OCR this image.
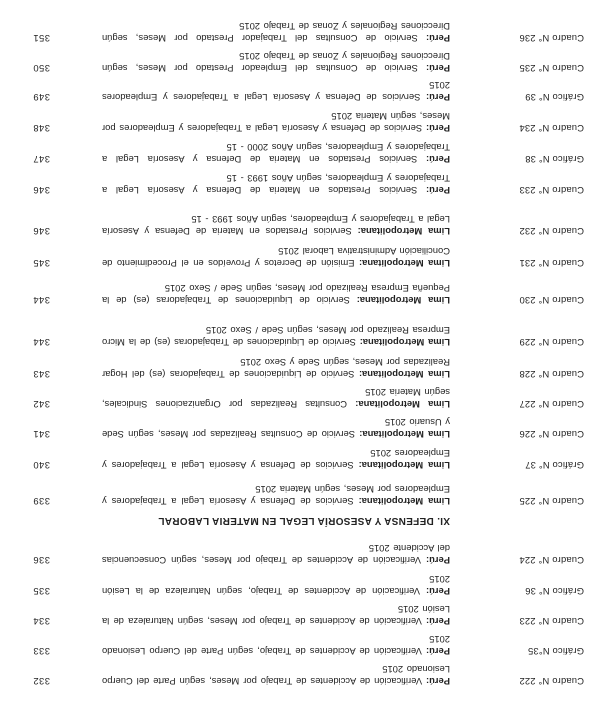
Cuadro N° 222
Perú: Verificación de Accidentes de Trabajo por Meses, según Parte del Cuerpo Lesionado 2015
332
Gráfico N°35
Perú: Verificación de Accidentes de Trabajo, según Parte del Cuerpo Lesionado 2015
333
Cuadro N° 223
Perú: Verificación de Accidentes de Trabajo por Meses, según Naturaleza de la Lesión 2015
334
Gráfico N° 36
Perú: Verificación de Accidentes de Trabajo, según Naturaleza de la Lesión 2015
335
Cuadro N° 224
Perú: Verificación de Accidentes de Trabajo por Meses, según Consecuencias del Accidente 2015
336
XI. DEFENSA Y ASESORÍA LEGAL EN MATERIA LABORAL
Cuadro N° 225
Lima Metropolitana: Servicios de Defensa y Asesoría Legal a Trabajadores y Empleadores por Meses, según Materia 2015
339
Gráfico N° 37
Lima Metropolitana: Servicios de Defensa y Asesoría Legal a Trabajadores y Empleadores 2015
340
Cuadro N° 226
Lima Metropolitana: Servicio de Consultas Realizadas por Meses, según Sede y Usuario 2015
341
Cuadro N° 227
Lima Metropolitana: Consultas Realizadas por Organizaciones Sindicales, según Materia 2015
342
Cuadro N° 228
Lima Metropolitana: Servicio de Liquidaciones de Trabajadoras (es) del Hogar Realizadas por Meses, según Sede y Sexo 2015
343
Cuadro N° 229
Lima Metropolitana: Servicio de Liquidaciones de Trabajadoras (es) de la Micro Empresa Realizado por Meses, según Sede / Sexo 2015
344
Cuadro N° 230
Lima Metropolitana: Servicio de Liquidaciones de Trabajadoras (es) de la Pequeña Empresa Realizado por Meses, según Sede / Sexo 2015
344
Cuadro N° 231
Lima Metropolitana: Emisión de Decretos y Proveídos en el Procedimiento de Conciliación Administrativa Laboral 2015
345
Cuadro N° 232
Lima Metropolitana: Servicios Prestados en Materia de Defensa y Asesoría Legal a Trabajadores y Empleadores, según Años 1993 - 15
346
Cuadro N° 233
Perú: Servicios Prestados en Materia de Defensa y Asesoría Legal a Trabajadores y Empleadores, según Años 1993 - 15
346
Gráfico N° 38
Perú: Servicios Prestados en Materia de Defensa y Asesoría Legal a Trabajadores y Empleadores, según Años 2000 - 15
347
Cuadro N° 234
Perú: Servicios de Defensa y Asesoría Legal a Trabajadores y Empleadores por Meses, según Materia 2015
348
Gráfico N° 39
Perú: Servicios de Defensa y Asesoría Legal a Trabajadores y Empleadores 2015
349
Cuadro N° 235
Perú: Servicio de Consultas del Empleador Prestado por Meses, según Direcciones Regionales y Zonas de Trabajo 2015
350
Cuadro N° 236
Perú: Servicio de Consultas del Trabajador Prestado por Meses, según Direcciones Regionales y Zonas de Trabajo 2015
351
